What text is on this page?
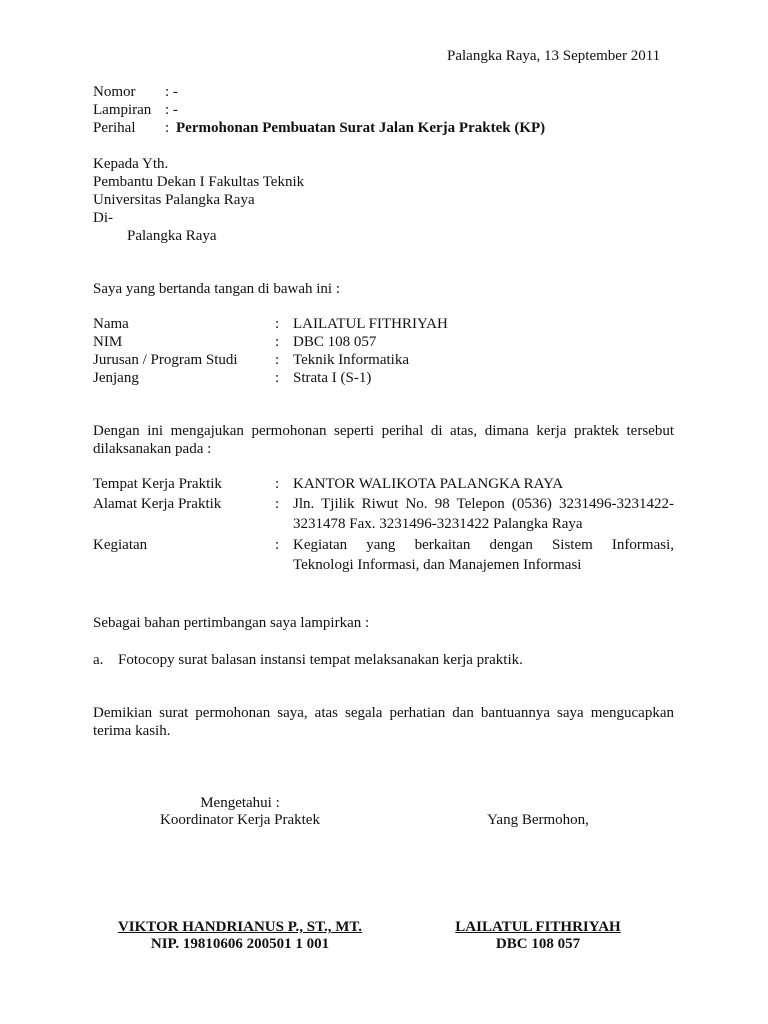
Palangka Raya, 13 September 2011
Nomor : -
Lampiran : -
Perihal : Permohonan Pembuatan Surat Jalan Kerja Praktek (KP)
Kepada Yth.
Pembantu Dekan I Fakultas Teknik
Universitas Palangka Raya
Di-
Palangka Raya
Saya yang bertanda tangan di bawah ini :
Nama	: LAILATUL FITHRIYAH
NIM	: DBC 108 057
Jurusan / Program Studi : Teknik Informatika
Jenjang	: Strata I (S-1)
Dengan ini mengajukan permohonan seperti perihal di atas, dimana kerja praktek tersebut
dilaksanakan pada :
Tempat Kerja Praktik	: KANTOR WALIKOTA PALANGKA RAYA
Alamat Kerja Praktik	: Jln. Tjilik Riwut No. 98 Telepon (0536) 3231496-3231422-
3231478 Fax. 3231496-3231422 Palangka Raya
Kegiatan	: Kegiatan yang berkaitan dengan Sistem Informasi,
Teknologi Informasi, dan Manajemen Informasi
Sebagai bahan pertimbangan saya lampirkan :
a. Fotocopy surat balasan instansi tempat melaksanakan kerja praktik.
Demikian surat permohonan saya, atas segala perhatian dan bantuannya saya mengucapkan
terima kasih.
Mengetahui :
Koordinator Kerja Praktek
VIKTOR HANDRIANUS P., ST., MT.
NIP. 19810606 200501 1 001
Yang Bermohon,
LAILATUL FITHRIYAH
DBC 108 057
